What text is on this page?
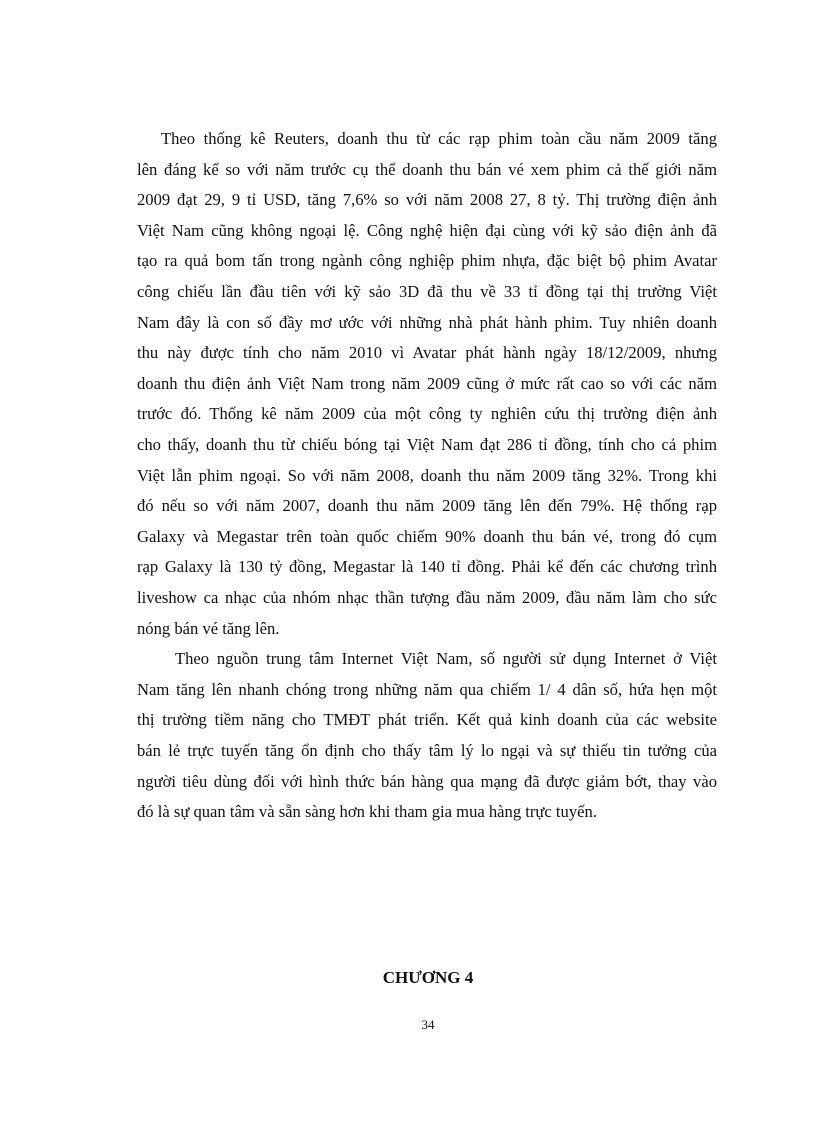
Theo thống kê Reuters, doanh thu từ các rạp phim toàn cầu năm 2009 tăng
lên đáng kể so với năm trước cụ thể doanh thu bán vé xem phim cả thế giới năm
2009 đạt 29, 9 tỉ USD, tăng 7,6% so với năm 2008 27, 8 tỷ. Thị trường điện ảnh
Việt Nam cũng không ngoại lệ. Công nghệ hiện đại cùng với kỹ sảo điện ảnh đã
tạo ra quả bom tấn trong ngành công nghiệp phim nhựa, đặc biệt bộ phim Avatar
công chiếu lần đầu tiên với kỹ sảo 3D đã thu về 33 tỉ đồng tại thị trường Việt
Nam đây là con số đầy mơ ước với những nhà phát hành phim. Tuy nhiên doanh
thu này được tính cho năm 2010 vì Avatar phát hành ngày 18/12/2009, nhưng
doanh thu điện ảnh Việt Nam trong năm 2009 cũng ở mức rất cao so với các năm
trước đó. Thống kê năm 2009 của một công ty nghiên cứu thị trường điện ảnh
cho thấy, doanh thu từ chiếu bóng tại Việt Nam đạt 286 tỉ đồng, tính cho cả phim
Việt lẫn phim ngoại. So với năm 2008, doanh thu năm 2009 tăng 32%. Trong khi
đó nếu so với năm 2007, doanh thu năm 2009 tăng lên đến 79%. Hệ thống rạp
Galaxy và Megastar trên toàn quốc chiếm 90% doanh thu bán vé, trong đó cụm
rạp Galaxy là 130 tỷ đồng, Megastar là 140 tỉ đồng. Phải kể đến các chương trình
liveshow ca nhạc của nhóm nhạc thần tượng đầu năm 2009, đầu năm làm cho sức
nóng bán vé tăng lên.
Theo nguồn trung tâm Internet Việt Nam, số người sử dụng Internet ở Việt
Nam tăng lên nhanh chóng trong những năm qua chiếm 1/ 4 dân số, hứa hẹn một
thị trường tiềm năng cho TMĐT phát triển. Kết quả kinh doanh của các website
bán lẻ trực tuyến tăng ổn định cho thấy tâm lý lo ngại và sự thiếu tin tưởng của
người tiêu dùng đối với hình thức bán hàng qua mạng đã được giảm bớt, thay vào
đó là sự quan tâm và sẵn sàng hơn khi tham gia mua hàng trực tuyến.
CHƯƠNG 4
34
